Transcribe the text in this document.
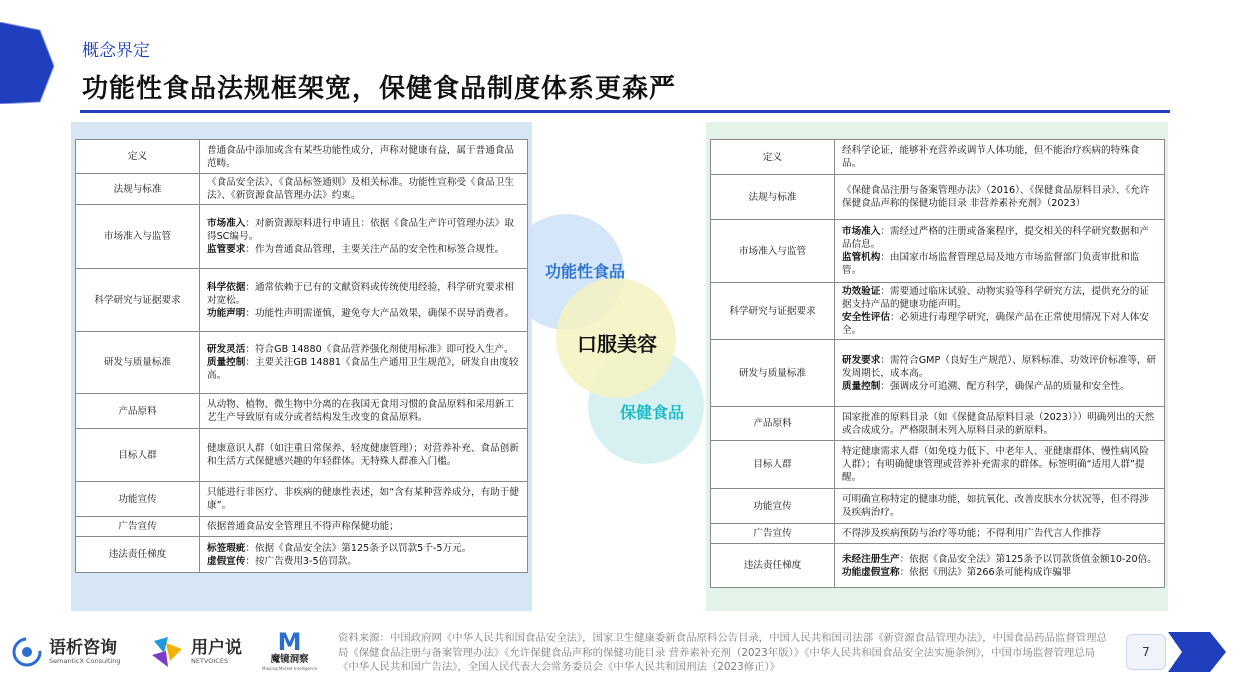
概念界定
功能性食品法规框架宽，保健食品制度体系更森严
定义	普通食品中添加或含有某些功能性成分，声称对健康有益，属于普通食品范畴。

法规与标准	《食品安全法》、《食品标签通则》及相关标准。功能性宣称受《食品卫生法》、《新资源食品管理办法》约束。

市场准入与监管	市场准入：对新资源原料进行申请且：依据《食品生产许可管理办法》取得SC编号。
监管要求：作为普通食品管理，主要关注产品的安全性和标签合规性。

科学研究与证据要求	科学依据：通常依赖于已有的文献资料或传统使用经验，科学研究要求相对宽松。
功能声明：功能性声明需谨慎，避免夸大产品效果，确保不误导消费者。

研发与质量标准	研发灵活：符合GB 14880《食品营养强化剂使用标准》即可投入生产。
质量控制：主要关注GB 14881《食品生产通用卫生规范》，研发自由度较高。

产品原料	从动物、植物、微生物中分离的在我国无食用习惯的食品原料和采用新工艺生产导致原有成分或者结构发生改变的食品原料。

目标人群	健康意识人群（如注重日常保养、轻度健康管理）；对营养补充、食品创新和生活方式保健感兴趣的年轻群体。无特殊人群准入门槛。

功能宣传	只能进行非医疗、非疾病的健康性表述，如“含有某种营养成分，有助于健康”。

广告宣传	依据普通食品安全管理且不得声称保健功能；

违法责任梯度	标签瑕疵：依据《食品安全法》第125条予以罚款5千-5万元。
虚假宣传：按广告费用3-5倍罚款。
定义	经科学论证，能够补充营养或调节人体功能，但不能治疗疾病的特殊食品。

法规与标准	《保健食品注册与备案管理办法》（2016）、《保健食品原料目录》、《允许保健食品声称的保健功能目录 非营养素补充剂》（2023）

市场准入与监管	市场准入：需经过严格的注册或备案程序，提交相关的科学研究数据和产品信息。
监管机构：由国家市场监督管理总局及地方市场监督部门负责审批和监管。

科学研究与证据要求	功效验证：需要通过临床试验、动物实验等科学研究方法，提供充分的证据支持产品的健康功能声明。
安全性评估：必须进行毒理学研究，确保产品在正常使用情况下对人体安全。

研发与质量标准	研发要求：需符合GMP（良好生产规范）、原料标准、功效评价标准等，研发周期长，成本高。
质量控制：强调成分可追溯、配方科学，确保产品的质量和安全性。

产品原料	国家批准的原料目录（如《保健食品原料目录（2023）》）明确列出的天然或合成成分。严格限制未列入原料目录的新原料。

目标人群	特定健康需求人群（如免疫力低下、中老年人、亚健康群体、慢性病风险人群）；有明确健康管理或营养补充需求的群体。标签明确“适用人群”提醒。

功能宣传	可明确宣称特定的健康功能，如抗氧化、改善皮肤水分状况等，但不得涉及疾病治疗。

广告宣传	不得涉及疾病预防与治疗等功能；不得利用广告代言人作推荐

违法责任梯度	未经注册生产：依据《食品安全法》第125条予以罚款货值金额10-20倍。
功能虚假宣称：依据《刑法》第266条可能构成诈骗罪
功能性食品
口服美容
保健食品
语析咨询
SemanticX Consulting
用户说
NETVOICES
M
魔镜洞察
Moojing Market Intelligence
资料来源：中国政府网《中华人民共和国食品安全法》，国家卫生健康委新食品原料公告目录，中国人民共和国司法部《新资源食品管理办法》，中国食品药品监督管理总局《保健食品注册与备案管理办法》《允许保健食品声称的保健功能目录 营养素补充剂（2023年版）》《中华人民共和国食品安全法实施条例》，中国市场监督管理总局《中华人民共和国广告法》，全国人民代表大会常务委员会《中华人民共和国刑法（2023修正）》
7
